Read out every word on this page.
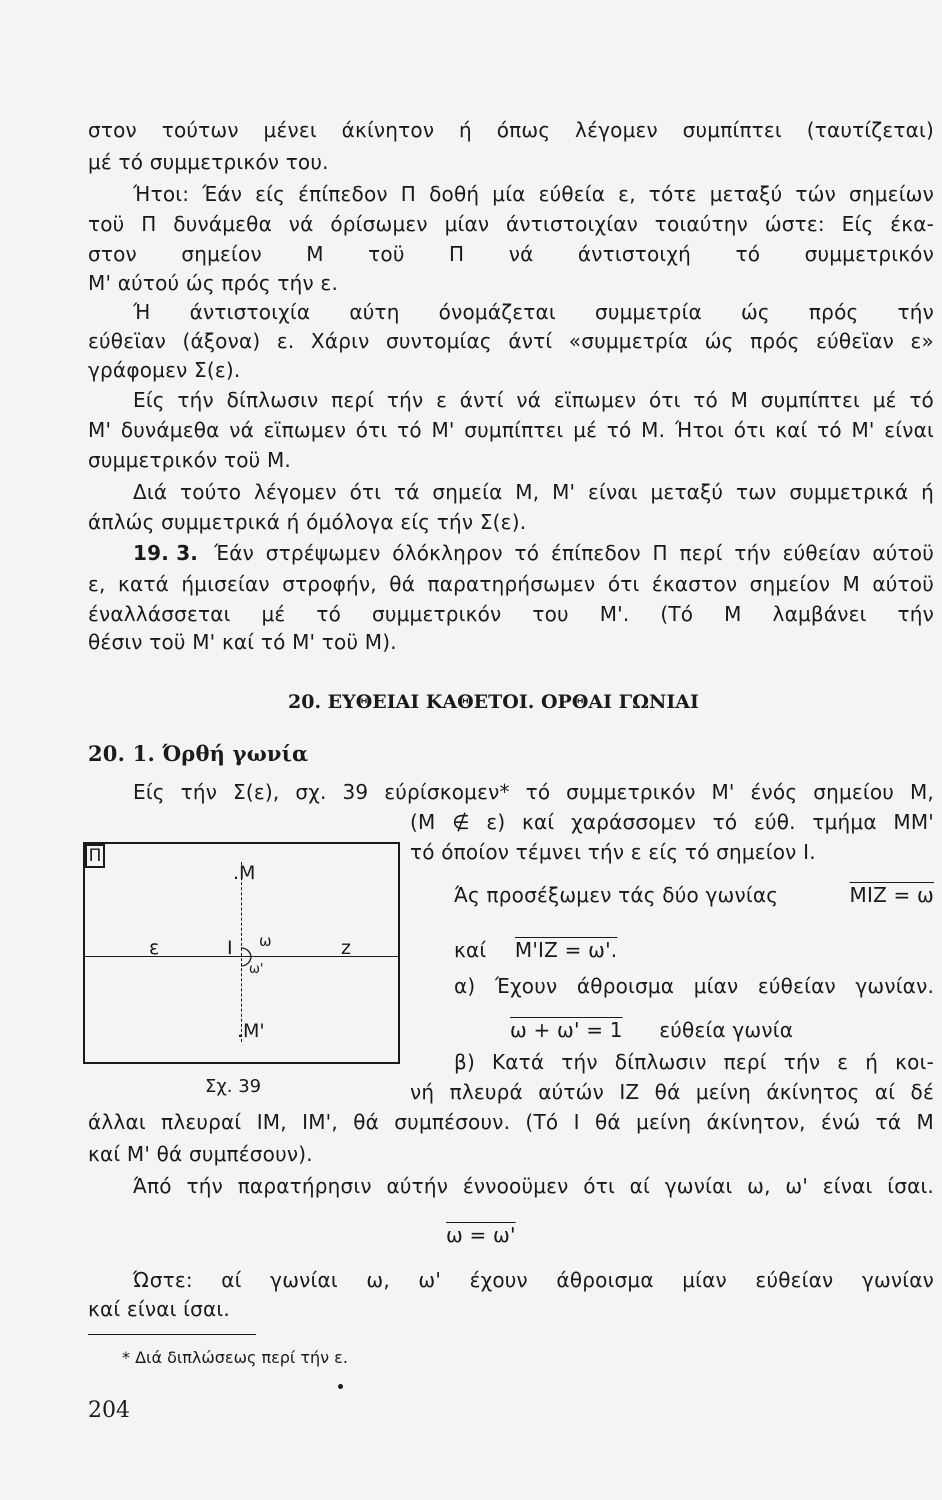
στον τούτων μένει άκίνητον ή όπως λέγομεν συμπίπτει (ταυτίζεται)
μέ τό συμμετρικόν του.
Ήτοι: Έάν είς έπίπεδον Π δοθή μία εύθεία ε, τότε μεταξύ τών σημείων
τοϋ Π δυνάμεθα νά όρίσωμεν μίαν άντιστοιχίαν τοιαύτην ώστε: Είς έκα-
στον σημείον Μ τοϋ Π νά άντιστοιχή τό συμμετρικόν
Μ' αύτού ώς πρός τήν ε.
Ή άντιστοιχία αύτη όνομάζεται συμμετρία ώς πρός τήν
εύθεϊαν (άξονα) ε. Χάριν συντομίας άντί «συμμετρία ώς πρός εύθεϊαν ε»
γράφομεν Σ(ε).
Είς τήν δίπλωσιν περί τήν ε άντί νά εϊπωμεν ότι τό Μ συμπίπτει μέ τό
Μ' δυνάμεθα νά εϊπωμεν ότι τό Μ' συμπίπτει μέ τό Μ. Ήτοι ότι καί τό Μ' είναι
συμμετρικόν τοϋ Μ.
Διά τούτο λέγομεν ότι τά σημεία Μ, Μ' είναι μεταξύ των συμμετρικά ή
άπλώς συμμετρικά ή όμόλογα είς τήν Σ(ε).
19. 3. Έάν στρέψωμεν όλόκληρον τό έπίπεδον Π περί τήν εύθείαν αύτοϋ
ε, κατά ήμισείαν στροφήν, θά παρατηρήσωμεν ότι έκαστον σημείον Μ αύτοϋ
έναλλάσσεται μέ τό συμμετρικόν του Μ'. (Τό Μ λαμβάνει τήν
θέσιν τοϋ Μ' καί τό Μ' τοϋ Μ).
20. ΕΥΘΕΙΑΙ ΚΑΘΕΤΟΙ. ΟΡΘΑΙ ΓΩΝΙΑΙ
20. 1. Όρθή γωνία
Είς τήν Σ(ε), σχ. 39 εύρίσκομεν* τό συμμετρικόν Μ' ένός σημείου Μ,
(Μ ∉ ε) καί χαράσσομεν τό εύθ. τμήμα ΜΜ'
τό όποίον τέμνει τήν ε είς τό σημείον Ι.
Π
.Μ
ε	Ι ω
ω'
z
.Μ'
Σχ. 39
Άς προσέξωμεν τάς δύο γωνίας	ΜΙΖ = ω
καί Μ'ΙΖ = ω'.
α) Έχουν άθροισμα μίαν εύθείαν γωνίαν.
ω + ω' = 1 εύθεία γωνία
β) Κατά τήν δίπλωσιν περί τήν ε ή κοι-
νή πλευρά αύτών ΙΖ θά μείνη άκίνητος αί δέ
άλλαι πλευραί ΙΜ, ΙΜ', θά συμπέσουν. (Τό Ι θά μείνη άκίνητον, ένώ τά Μ
καί Μ' θά συμπέσουν).
Άπό τήν παρατήρησιν αύτήν έννοοϋμεν ότι αί γωνίαι ω, ω' είναι ίσαι.
ω = ω'
Ώστε: αί γωνίαι ω, ω' έχουν άθροισμα μίαν εύθείαν γωνίαν
καί είναι ίσαι.
* Διά διπλώσεως περί τήν ε.
204
